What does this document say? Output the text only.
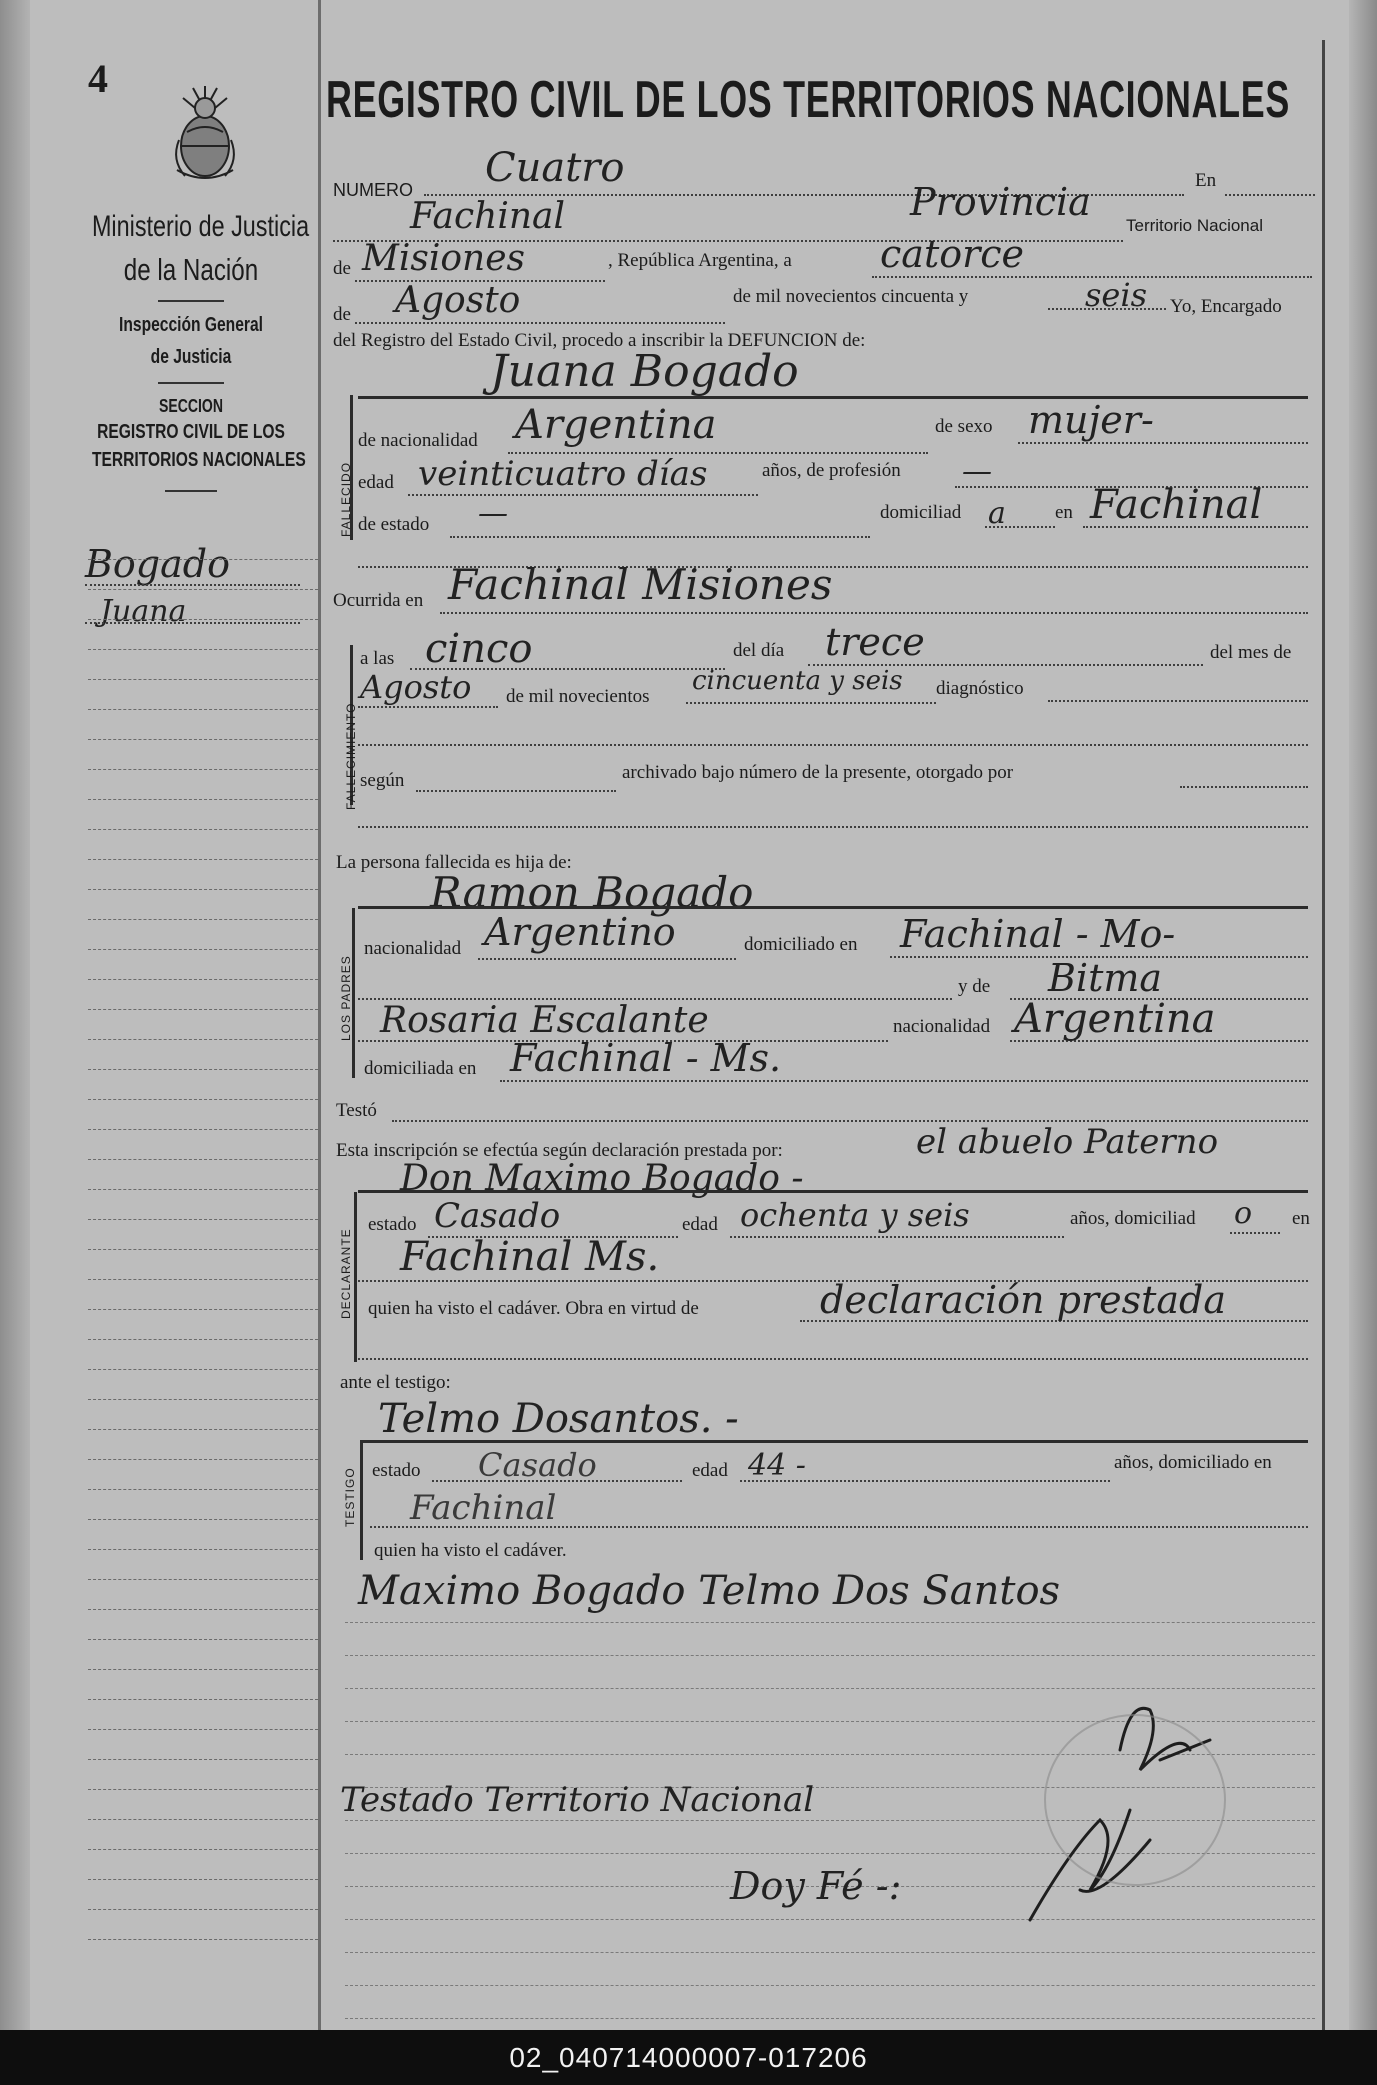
4
Ministerio de Justicia
de la Nación
Inspección General
de Justicia
SECCION
REGISTRO CIVIL DE LOS
TERRITORIOS NACIONALES
Bogado
Juana
REGISTRO CIVIL DE LOS TERRITORIOS NACIONALES
NUMERO Cuatro	En
Fachinal	Provincia
Territorio Nacional
de Misiones	, República Argentina, a catorce
de Agosto	de mil novecientos cincuenta y	seis Yo, Encargado
del Registro del Estado Civil, procedo a inscribir la DEFUNCION de:
FALLECIDO
Juana Bogado
de nacionalidad Argentina	de sexo mujer-
edad veinticuatro días	años, de profesión —
de estado —	domiciliad a	en Fachinal
Ocurrida en Fachinal Misiones
FALLECIMIENTO
a las cinco	del día trece	del mes de
Agosto de mil novecientos
cincuenta y seis diagnóstico
según	archivado bajo número de la presente, otorgado por
La persona fallecida es hija de:
Ramon Bogado
LOS PADRES
nacionalidad Argentino	domiciliado en Fachinal - Mo-
y de Bitma
Rosaria Escalante	nacionalidad Argentina
domiciliada en Fachinal - Ms.
Testó
Esta inscripción se efectúa según declaración prestada por:	el abuelo Paterno
Don Maximo Bogado -
DECLARANTE
estado Casado	edad ochenta y seis	años, domiciliad o en
Fachinal Ms.
quien ha visto el cadáver. Obra en virtud de	declaración prestada
ante el testigo:
Telmo Dosantos. -
TESTIGO estado Casado	edad 44 -	años, domiciliado en
Fachinal
quien ha visto el cadáver.
Maximo Bogado Telmo Dos Santos
Testado Territorio Nacional
Doy Fé -:
02_040714000007-017206
